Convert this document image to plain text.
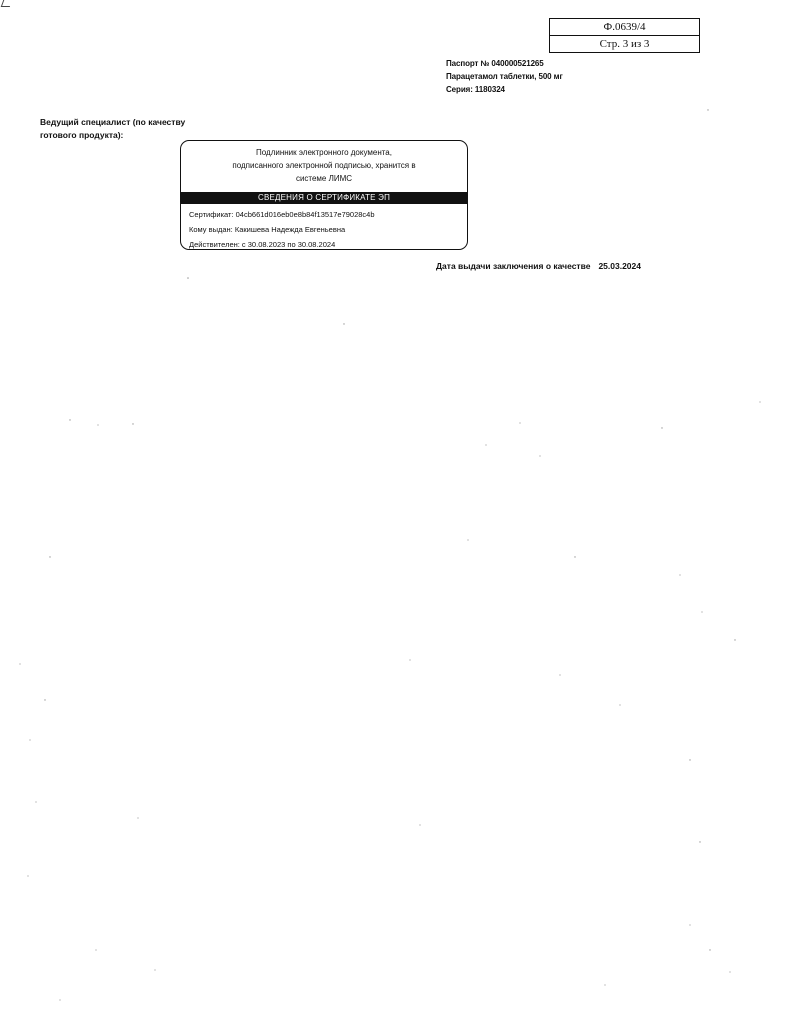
Ф.0639/4
Стр. 3 из 3
Паспорт № 040000521265
Парацетамол таблетки, 500 мг
Серия: 1180324
Ведущий специалист (по качеству
готового продукта):
Подлинник электронного документа,
подписанного электронной подписью, хранится в
системе ЛИМС
СВЕДЕНИЯ О СЕРТИФИКАТЕ ЭП
Сертификат: 04cb661d016eb0e8b84f13517e79028c4b
Кому выдан: Какишева Надежда Евгеньевна
Действителен: с 30.08.2023 по 30.08.2024
Дата выдачи заключения о качестве 25.03.2024
